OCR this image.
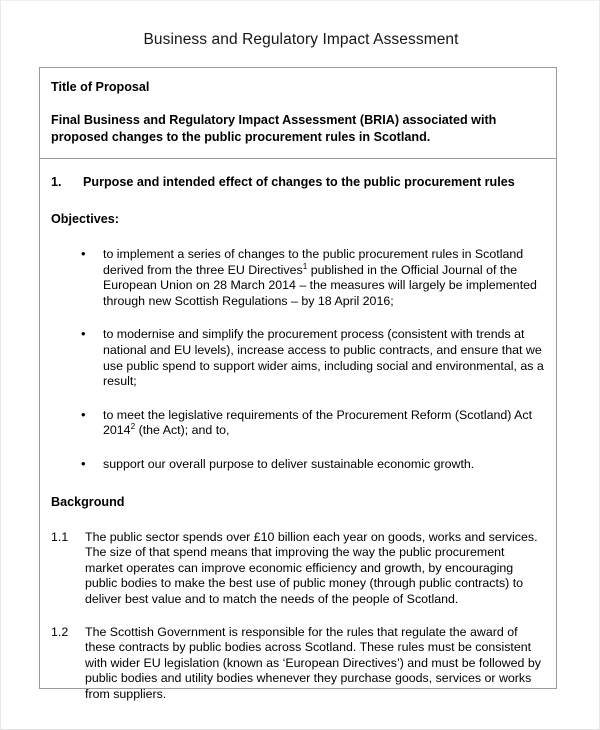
Business and Regulatory Impact Assessment

Title of Proposal

Final Business and Regulatory Impact Assessment (BRIA) associated with proposed changes to the public procurement rules in Scotland.

1.	Purpose and intended effect of changes to the public procurement rules

Objectives:

• to implement a series of changes to the public procurement rules in Scotland derived from the three EU Directives$^1$ published in the Official Journal of the European Union on 28 March 2014 – the measures will largely be implemented through new Scottish Regulations – by 18 April 2016;
• to modernise and simplify the procurement process (consistent with trends at national and EU levels), increase access to public contracts, and ensure that we use public spend to support wider aims, including social and environmental, as a result;
• to meet the legislative requirements of the Procurement Reform (Scotland) Act 2014$^2$ (the Act); and to,
• support our overall purpose to deliver sustainable economic growth.

Background

1.1	The public sector spends over £10 billion each year on goods, works and services. The size of that spend means that improving the way the public procurement market operates can improve economic efficiency and growth, by encouraging public bodies to make the best use of public money (through public contracts) to deliver best value and to match the needs of the people of Scotland.
1.2	The Scottish Government is responsible for the rules that regulate the award of these contracts by public bodies across Scotland. These rules must be consistent with wider EU legislation (known as ‘European Directives’) and must be followed by public bodies and utility bodies whenever they purchase goods, services or works from suppliers.
